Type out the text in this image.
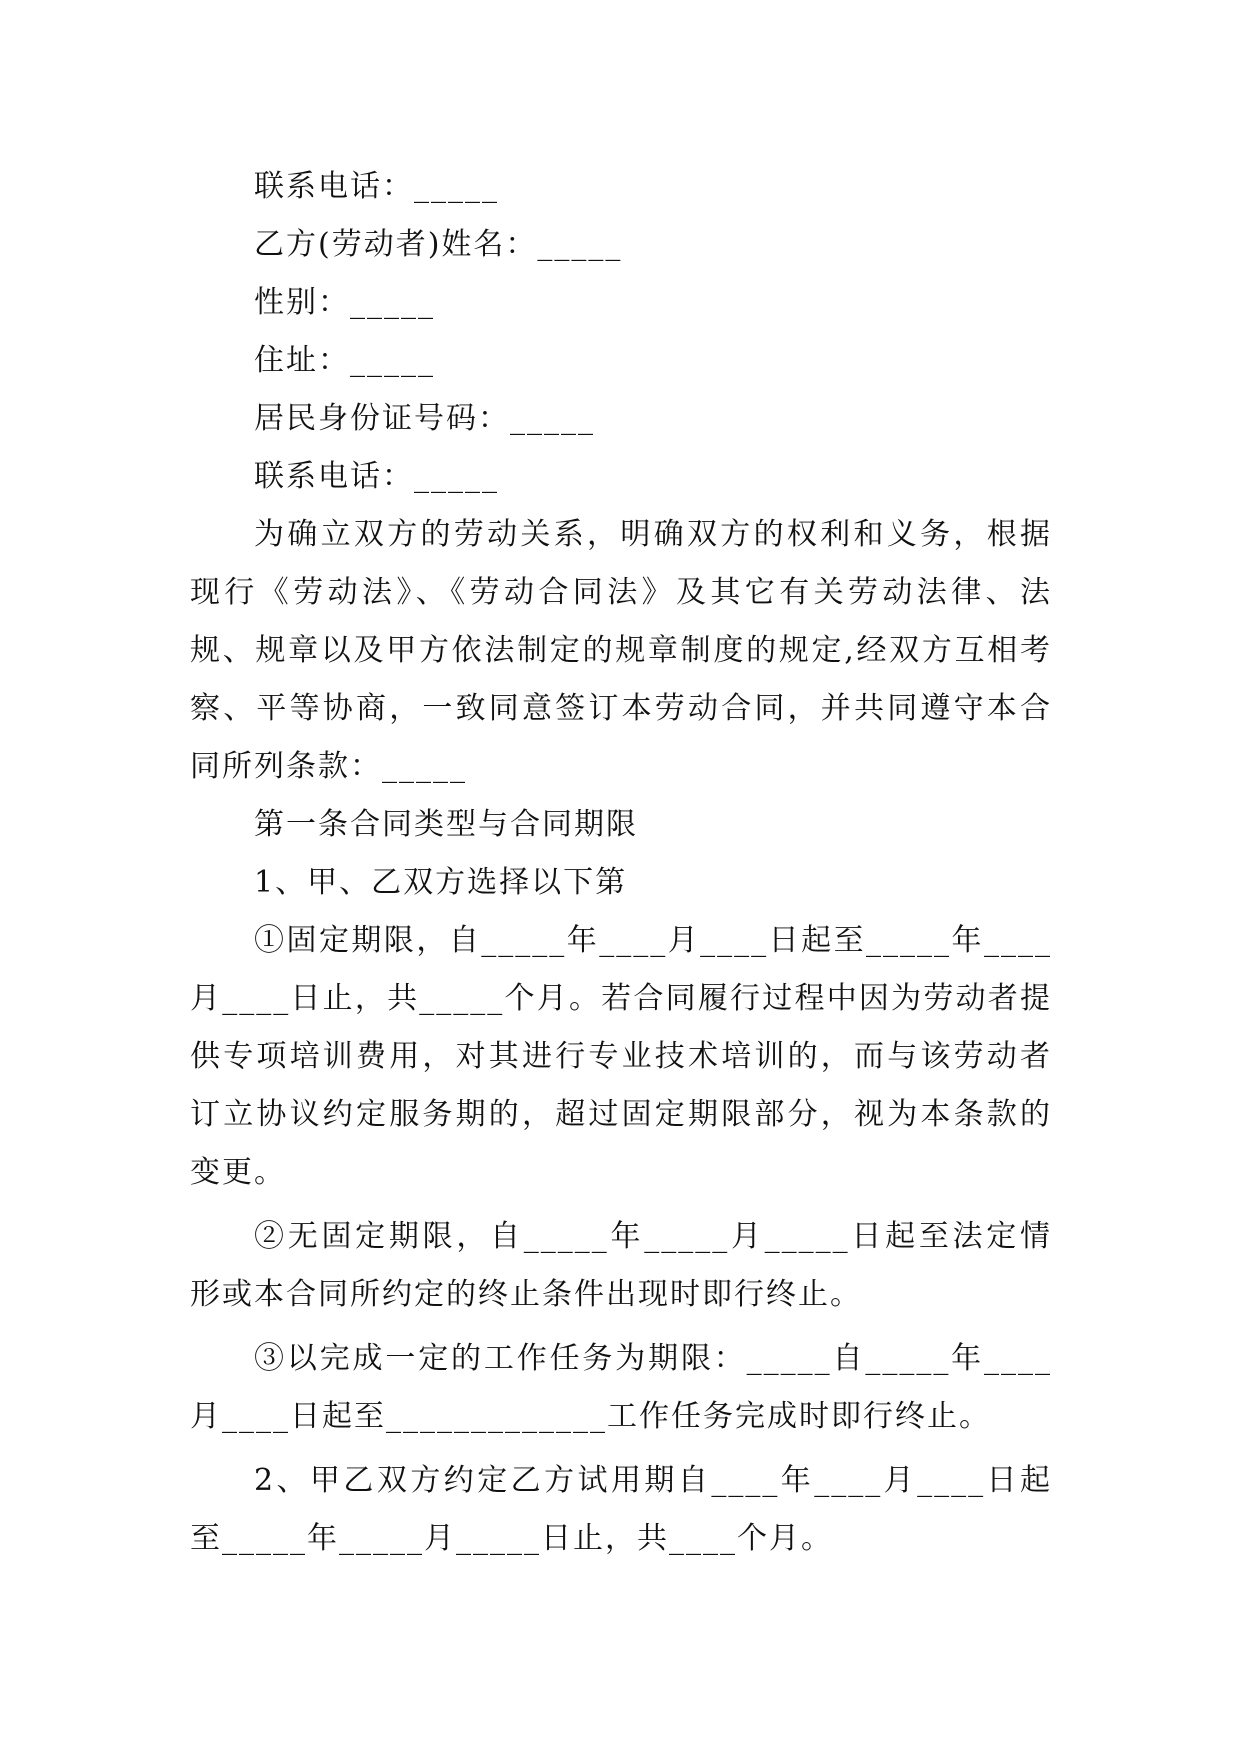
联系电话：_____
乙方(劳动者)姓名：_____
性别：_____
住址：_____
居民身份证号码：_____
联系电话：_____
为确立双方的劳动关系，明确双方的权利和义务，根据现行《劳动法》、《劳动合同法》及其它有关劳动法律、法规、规章以及甲方依法制定的规章制度的规定,经双方互相考察、平等协商，一致同意签订本劳动合同，并共同遵守本合同所列条款：_____
第一条合同类型与合同期限
1、甲、乙双方选择以下第
①固定期限，自_____年____月____日起至_____年____月____日止，共_____个月。若合同履行过程中因为劳动者提供专项培训费用，对其进行专业技术培训的，而与该劳动者订立协议约定服务期的，超过固定期限部分，视为本条款的变更。
②无固定期限，自_____年_____月_____日起至法定情形或本合同所约定的终止条件出现时即行终止。
③以完成一定的工作任务为期限：_____自_____年____月____日起至_____________工作任务完成时即行终止。
2、甲乙双方约定乙方试用期自____年____月____日起至_____年_____月_____日止，共____个月。
